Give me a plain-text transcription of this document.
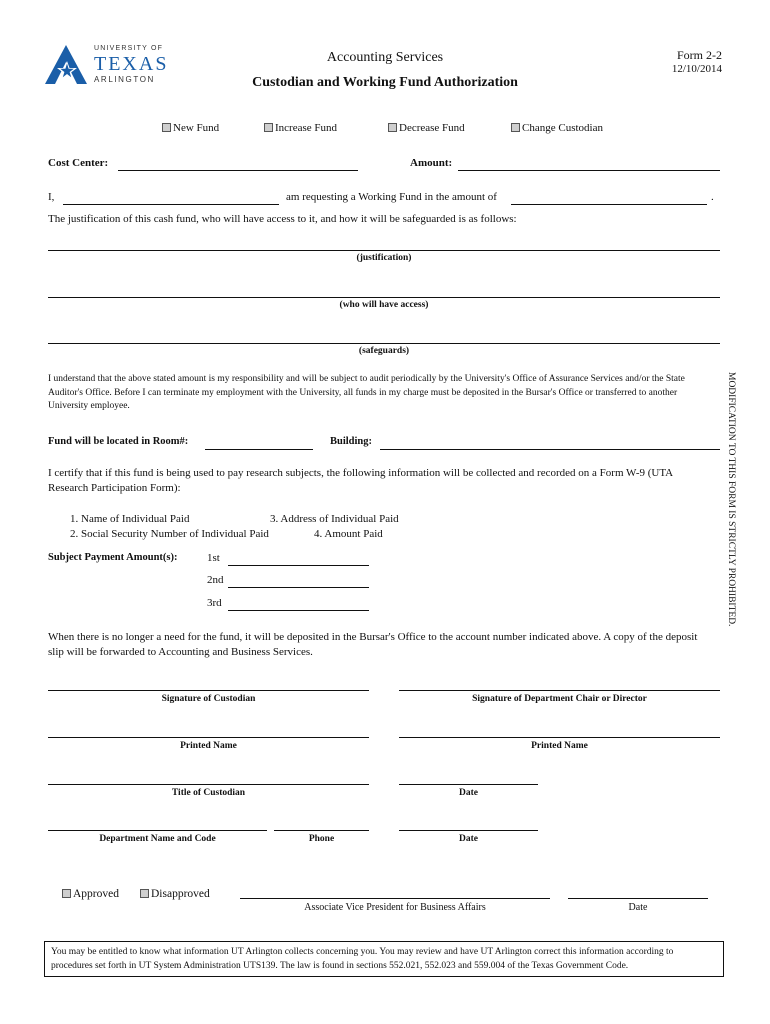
UNIVERSITY OF
TEXAS
ARLINGTON
Accounting Services
Custodian and Working Fund Authorization
Form 2-2
12/10/2014
New Fund	Increase Fund	Decrease Fund	Change Custodian
Cost Center:	Amount:
I,	am requesting a Working Fund in the amount of	.
The justification of this cash fund, who will have access to it, and how it will be safeguarded is as follows:
(justification)
(who will have access)
(safeguards)
I understand that the above stated amount is my responsibility and will be subject to audit periodically by the University's Office of Assurance Services and/or the State Auditor's Office. Before I can terminate my employment with the University, all funds in my charge must be deposited in the Bursar's Office or transferred to another University employee.
Fund will be located in Room#:	Building:
I certify that if this fund is being used to pay research subjects, the following information will be collected and recorded on a Form W-9 (UTA Research Participation Form):
1. Name of Individual Paid	3. Address of Individual Paid
2. Social Security Number of Individual Paid	4. Amount Paid
Subject Payment Amount(s):	1st
2nd
3rd
When there is no longer a need for the fund, it will be deposited in the Bursar's Office to the account number indicated above. A copy of the deposit slip will be forwarded to Accounting and Business Services.
Signature of Custodian	Signature of Department Chair or Director
Printed Name	Printed Name
Title of Custodian	Date
Department Name and Code	Phone	Date
Approved	Disapproved
Associate Vice President for Business Affairs	Date
MODIFICATION TO THIS FORM IS STRICTLY PROHIBITED.
You may be entitled to know what information UT Arlington collects concerning you. You may review and have UT Arlington correct this information according to procedures set forth in UT System Administration UTS139. The law is found in sections 552.021, 552.023 and 559.004 of the Texas Government Code.
